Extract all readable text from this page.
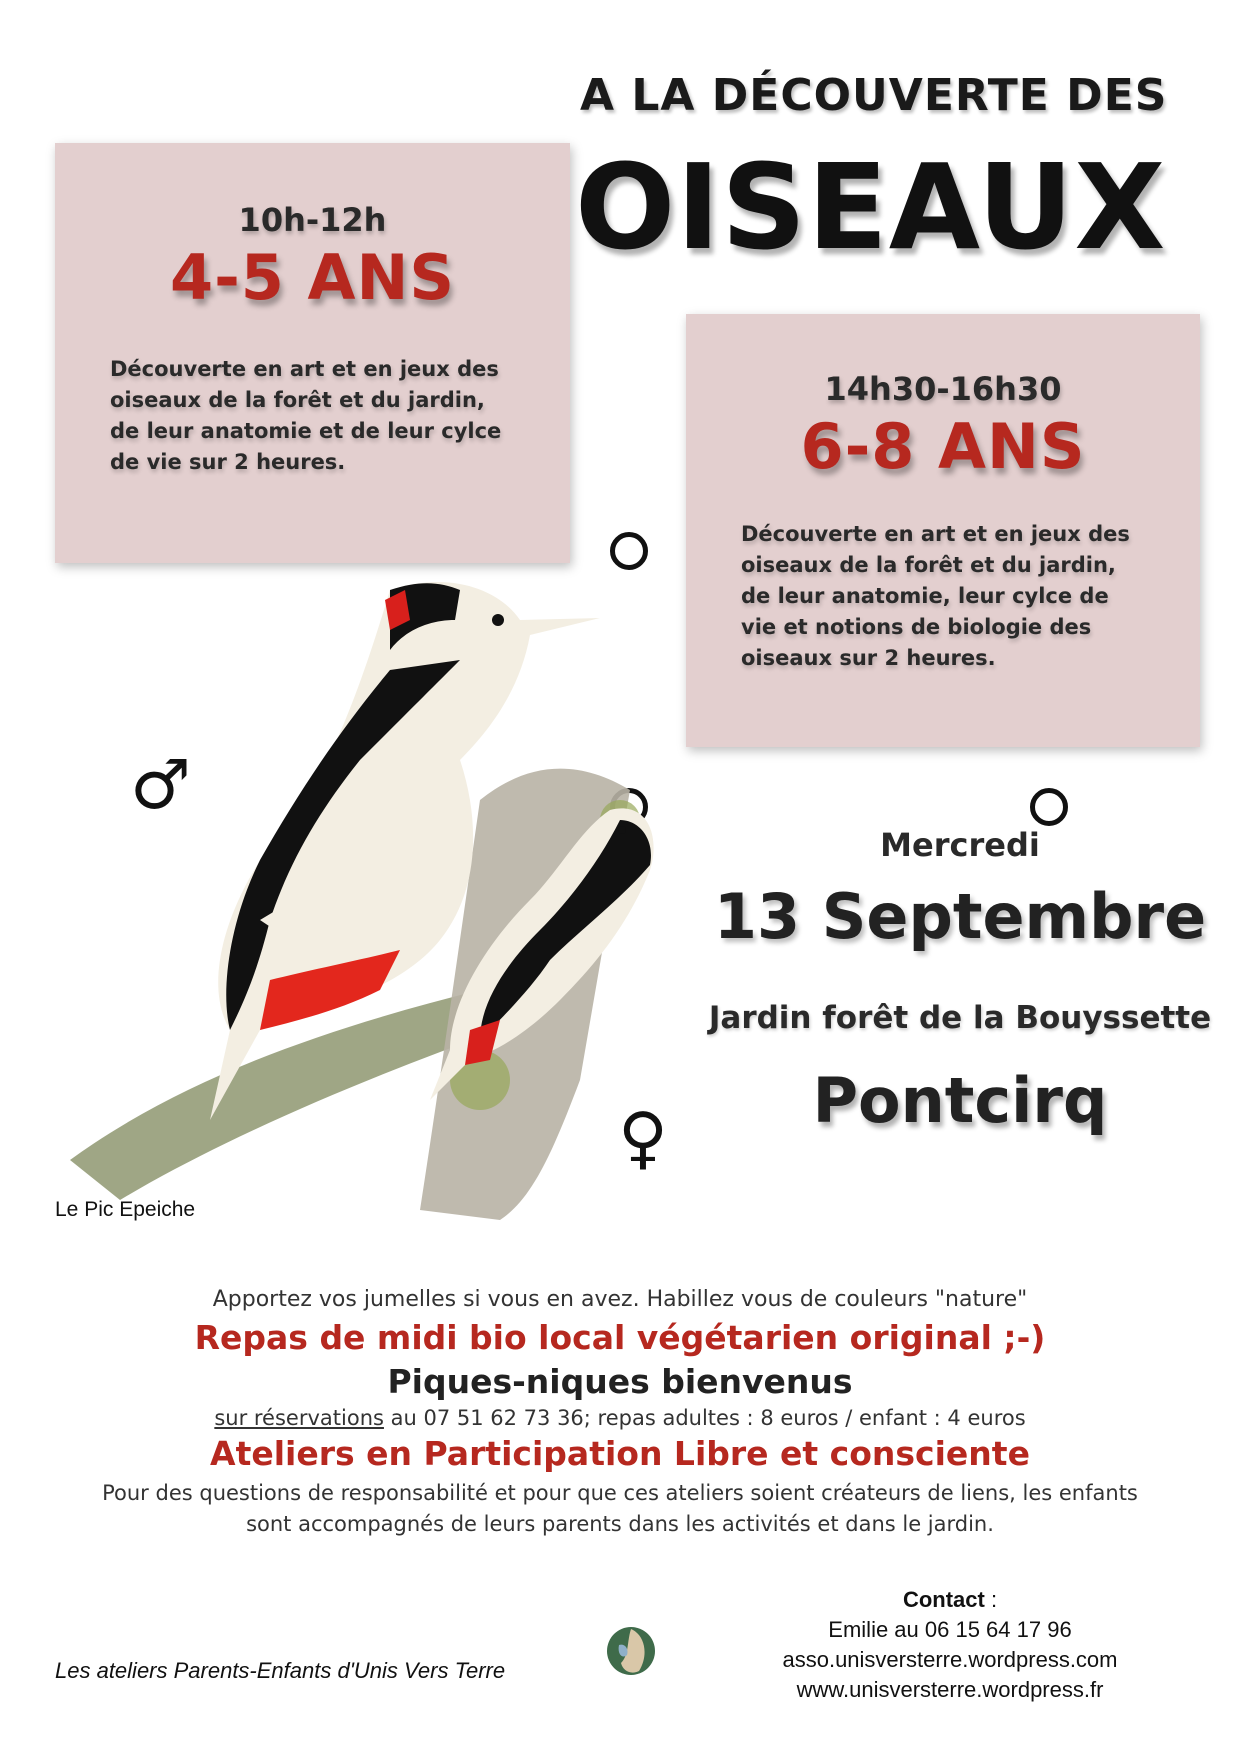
A LA DÉCOUVERTE DES
OISEAUX
10h-12h
4-5 ANS
Découverte en art et en jeux des oiseaux de la forêt et du jardin, de leur anatomie et de leur cylce de vie sur 2 heures.
14h30-16h30
6-8 ANS
Découverte en art et en jeux des oiseaux de la forêt et du jardin, de leur anatomie, leur cylce de vie et notions de biologie des oiseaux sur 2 heures.
♂
♀
Mercredi
13 Septembre
Jardin forêt de la Bouyssette
Pontcirq
Le Pic Epeiche
Apportez vos jumelles si vous en avez. Habillez vous de couleurs "nature"
Repas de midi bio local végétarien original ;-)
Piques-niques bienvenus
sur réservations au 07 51 62 73 36; repas adultes : 8 euros / enfant : 4 euros
Ateliers en Participation Libre et consciente
Pour des questions de responsabilité et pour que ces ateliers soient créateurs de liens, les enfants sont accompagnés de leurs parents dans les activités et dans le jardin.
Contact :
Emilie au 06 15 64 17 96
asso.unisversterre.wordpress.com
www.unisversterre.wordpress.fr
Les ateliers Parents-Enfants d'Unis Vers Terre
